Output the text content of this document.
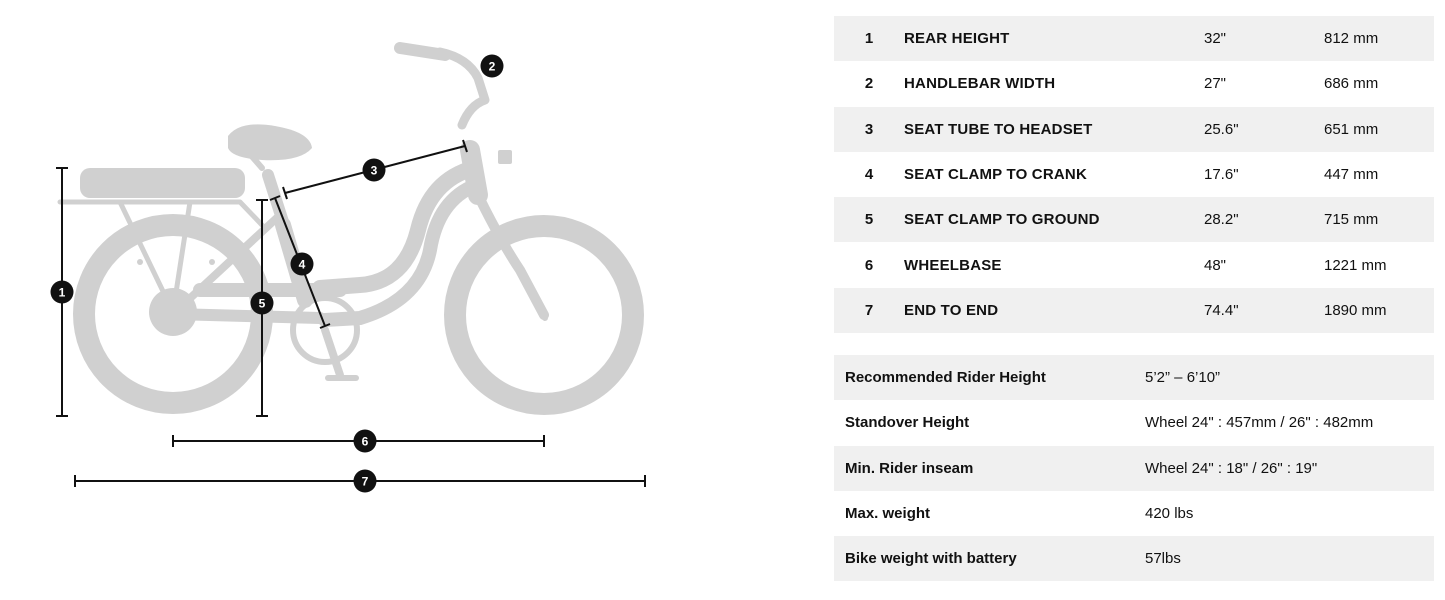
1
2
3
4
5
6
7
1	REAR HEIGHT	32"	812 mm
2	HANDLEBAR WIDTH	27"	686 mm
3	SEAT TUBE TO HEADSET	25.6"	651 mm
4	SEAT CLAMP TO CRANK	17.6"	447 mm
5	SEAT CLAMP TO GROUND	28.2"	715 mm
6	WHEELBASE	48"	1221 mm
7	END TO END	74.4"	1890 mm
Recommended Rider Height	5’2” – 6’10”
Standover Height	Wheel 24" : 457mm / 26" : 482mm
Min. Rider inseam	Wheel 24" : 18" / 26" : 19"
Max. weight	420 lbs
Bike weight with battery	57lbs
